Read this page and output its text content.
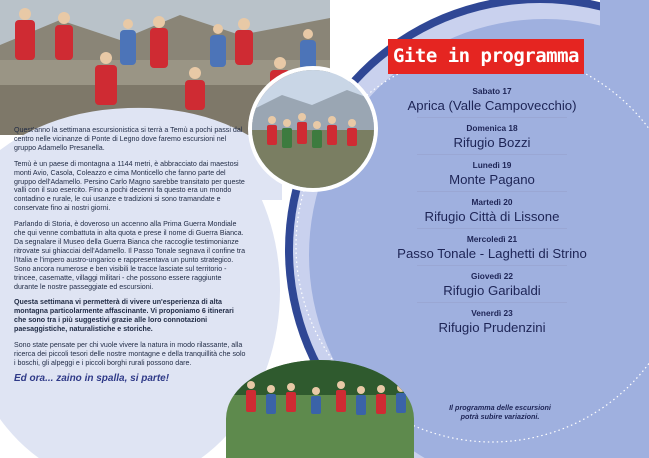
Quest'anno la settimana escursionistica si terrà a Temù a pochi passi dal centro nelle vicinanze di Ponte di Legno dove faremo escursioni nel gruppo Adamello Presanella.

Temù è un paese di montagna a 1144 metri, è abbracciato dai maestosi monti Avio, Casola, Coleazzo e cima Monticello che fanno parte del gruppo dell'Adamello. Persino Carlo Magno sarebbe transitato per queste valli con il suo esercito. Fino a pochi decenni fa questo era un mondo contadino e rurale, le cui usanze e tradizioni si sono tramandate e conservate fino ai nostri giorni.

Parlando di Storia, è doveroso un accenno alla Prima Guerra Mondiale che qui venne combattuta in alta quota e prese il nome di Guerra Bianca. Da segnalare il Museo della Guerra Bianca che raccoglie testimonianze ritrovate sui ghiacciai dell'Adamello. Il Passo Tonale segnava il confine tra l'Italia e l'impero austro-ungarico e rappresentava un punto strategico. Sono ancora numerose e ben visibili le tracce lasciate sul territorio - trincee, casematte, villaggi militari - che possono essere raggiunte durante le nostre passeggiate ed escursioni.

Questa settimana vi permetterà di vivere un'esperienza di alta montagna particolarmente affascinante. Vi proponiamo 6 itinerari che sono tra i più suggestivi grazie alle loro connotazioni paesaggistiche, naturalistiche e storiche.

Sono state pensate per chi vuole vivere la natura in modo rilassante, alla ricerca dei piccoli tesori delle nostre montagne e della tranquillità che solo i boschi, gli alpeggi e i piccoli borghi rurali possono dare.

Ed ora... zaino in spalla, si parte!

Gite in programma
Sabato 17
Aprica (Valle Campovecchio)
Domenica 18
Rifugio Bozzi
Lunedì 19
Monte Pagano
Martedì 20
Rifugio Città di Lissone
Mercoledì 21
Passo Tonale - Laghetti di Strino
Giovedì 22
Rifugio Garibaldi
Venerdì 23
Rifugio Prudenzini
Il programma delle escursioni potrà subire variazioni.
